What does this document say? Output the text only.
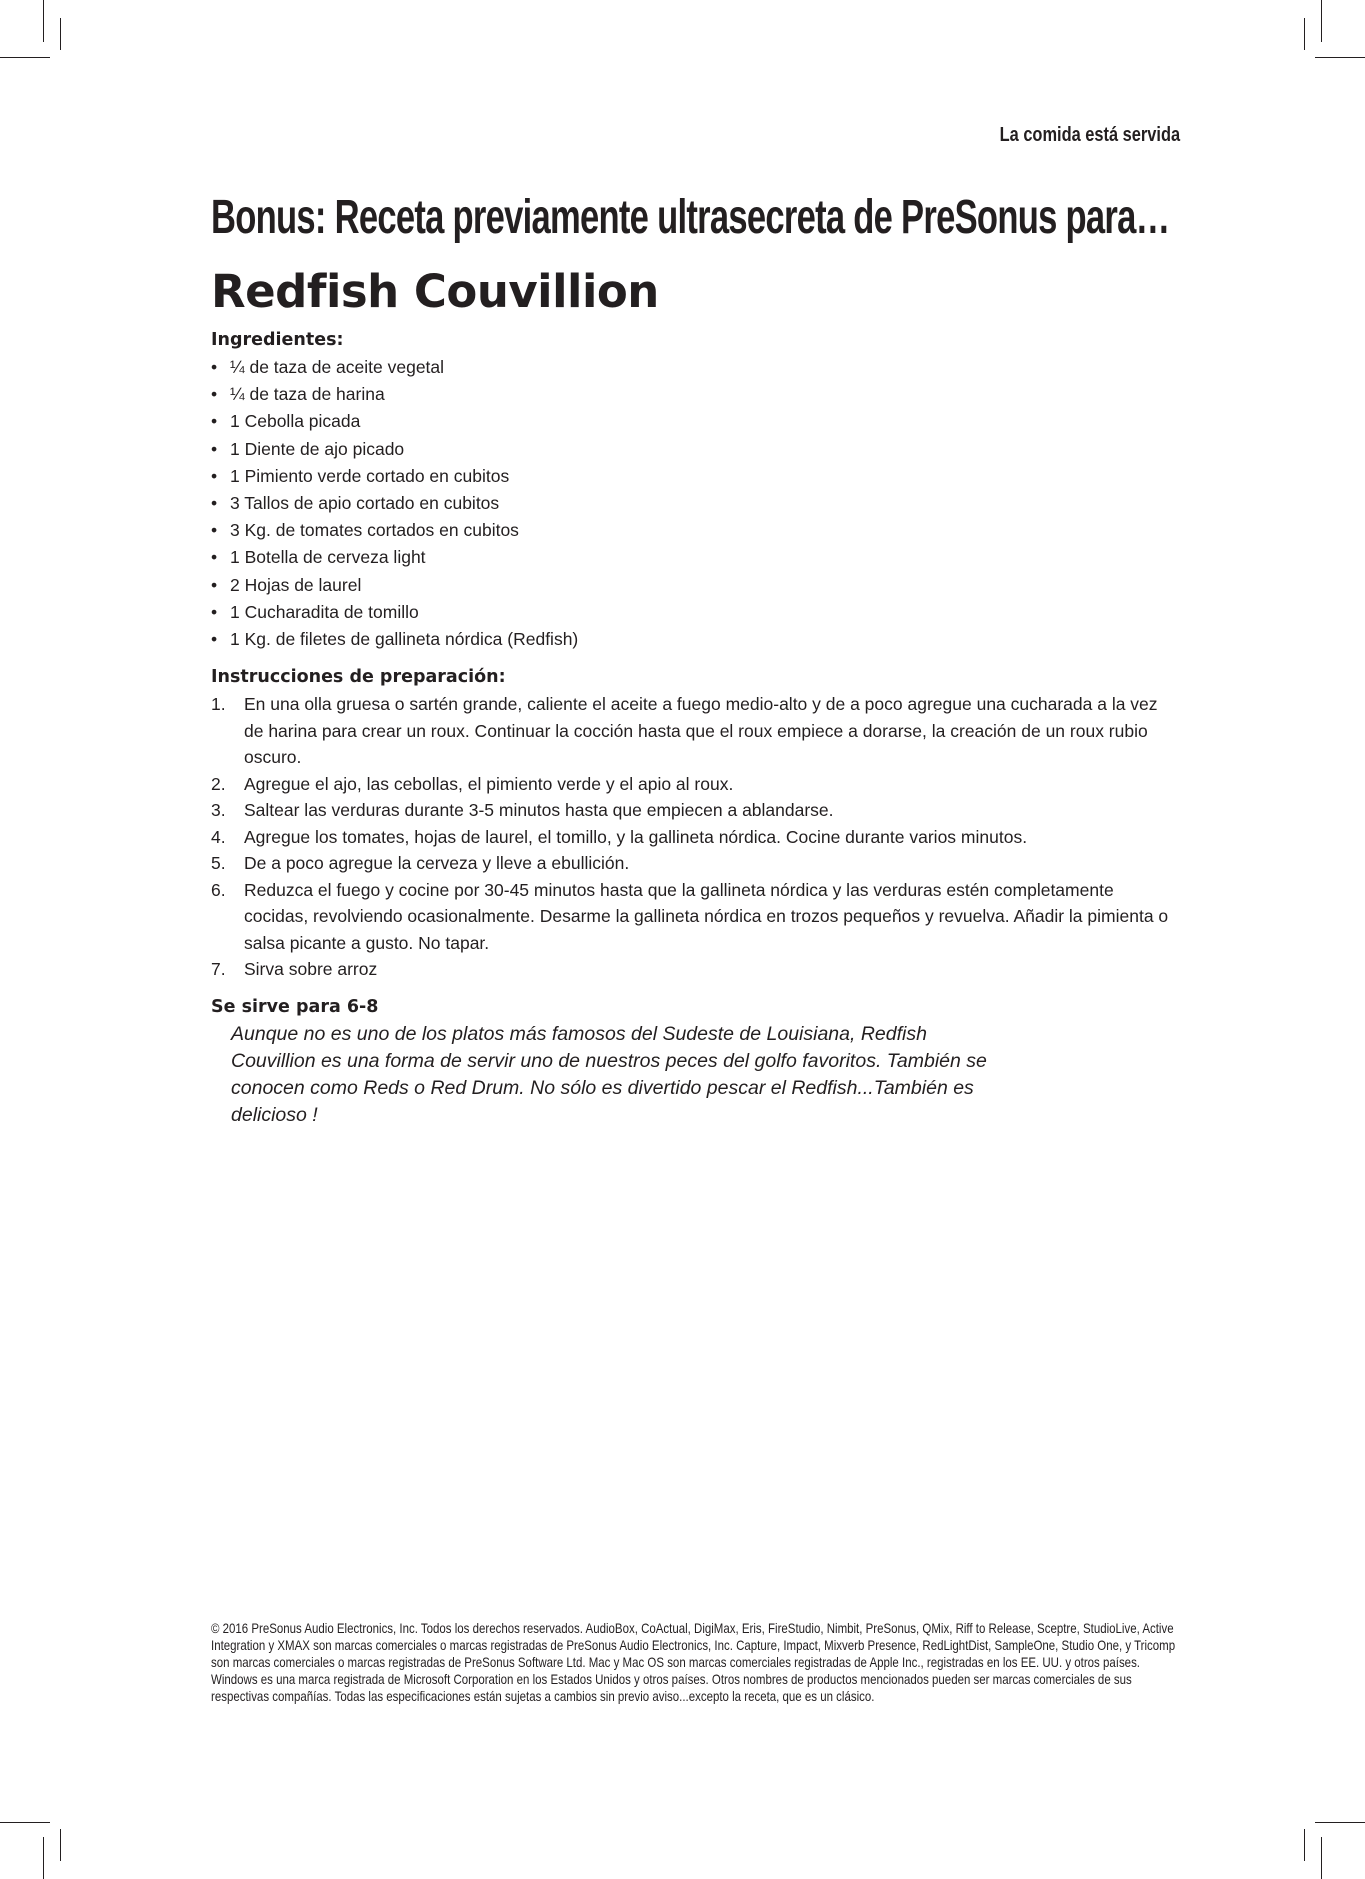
La comida está servida
Bonus: Receta previamente ultrasecreta de PreSonus para…
Redfish Couvillion
Ingredientes:
• ¼ de taza de aceite vegetal
• ¼ de taza de harina
• 1 Cebolla picada
• 1 Diente de ajo picado
• 1 Pimiento verde cortado en cubitos
• 3 Tallos de apio cortado en cubitos
• 3 Kg. de tomates cortados en cubitos
• 1 Botella de cerveza light
• 2 Hojas de laurel
• 1 Cucharadita de tomillo
• 1 Kg. de filetes de gallineta nórdica (Redfish)
Instrucciones de preparación:
1. En una olla gruesa o sartén grande, caliente el aceite a fuego medio-alto y de a poco agregue una cucharada a la vez de harina para crear un roux. Continuar la cocción hasta que el roux empiece a dorarse, la creación de un roux rubio oscuro.
2. Agregue el ajo, las cebollas, el pimiento verde y el apio al roux.
3. Saltear las verduras durante 3-5 minutos hasta que empiecen a ablandarse.
4. Agregue los tomates, hojas de laurel, el tomillo, y la gallineta nórdica. Cocine durante varios minutos.
5. De a poco agregue la cerveza y lleve a ebullición.
6. Reduzca el fuego y cocine por 30-45 minutos hasta que la gallineta nórdica y las verduras estén completamente cocidas, revolviendo ocasionalmente. Desarme la gallineta nórdica en trozos pequeños y revuelva. Añadir la pimienta o salsa picante a gusto. No tapar.
7. Sirva sobre arroz
Se sirve para 6-8

Aunque no es uno de los platos más famosos del Sudeste de Louisiana, Redfish Couvillion es una forma de servir uno de nuestros peces del golfo favoritos. También se conocen como Reds o Red Drum. No sólo es divertido pescar el Redfish...También es delicioso !

© 2016 PreSonus Audio Electronics, Inc. Todos los derechos reservados. AudioBox, CoActual, DigiMax, Eris, FireStudio, Nimbit, PreSonus, QMix, Riff to Release, Sceptre, StudioLive, Active Integration y XMAX son marcas comerciales o marcas registradas de PreSonus Audio Electronics, Inc. Capture, Impact, Mixverb Presence, RedLightDist, SampleOne, Studio One, y Tricomp son marcas comerciales o marcas registradas de PreSonus Software Ltd. Mac y Mac OS son marcas comerciales registradas de Apple Inc., registradas en los EE. UU. y otros países. Windows es una marca registrada de Microsoft Corporation en los Estados Unidos y otros países. Otros nombres de productos mencionados pueden ser marcas comerciales de sus respectivas compañías. Todas las especificaciones están sujetas a cambios sin previo aviso...excepto la receta, que es un clásico.
